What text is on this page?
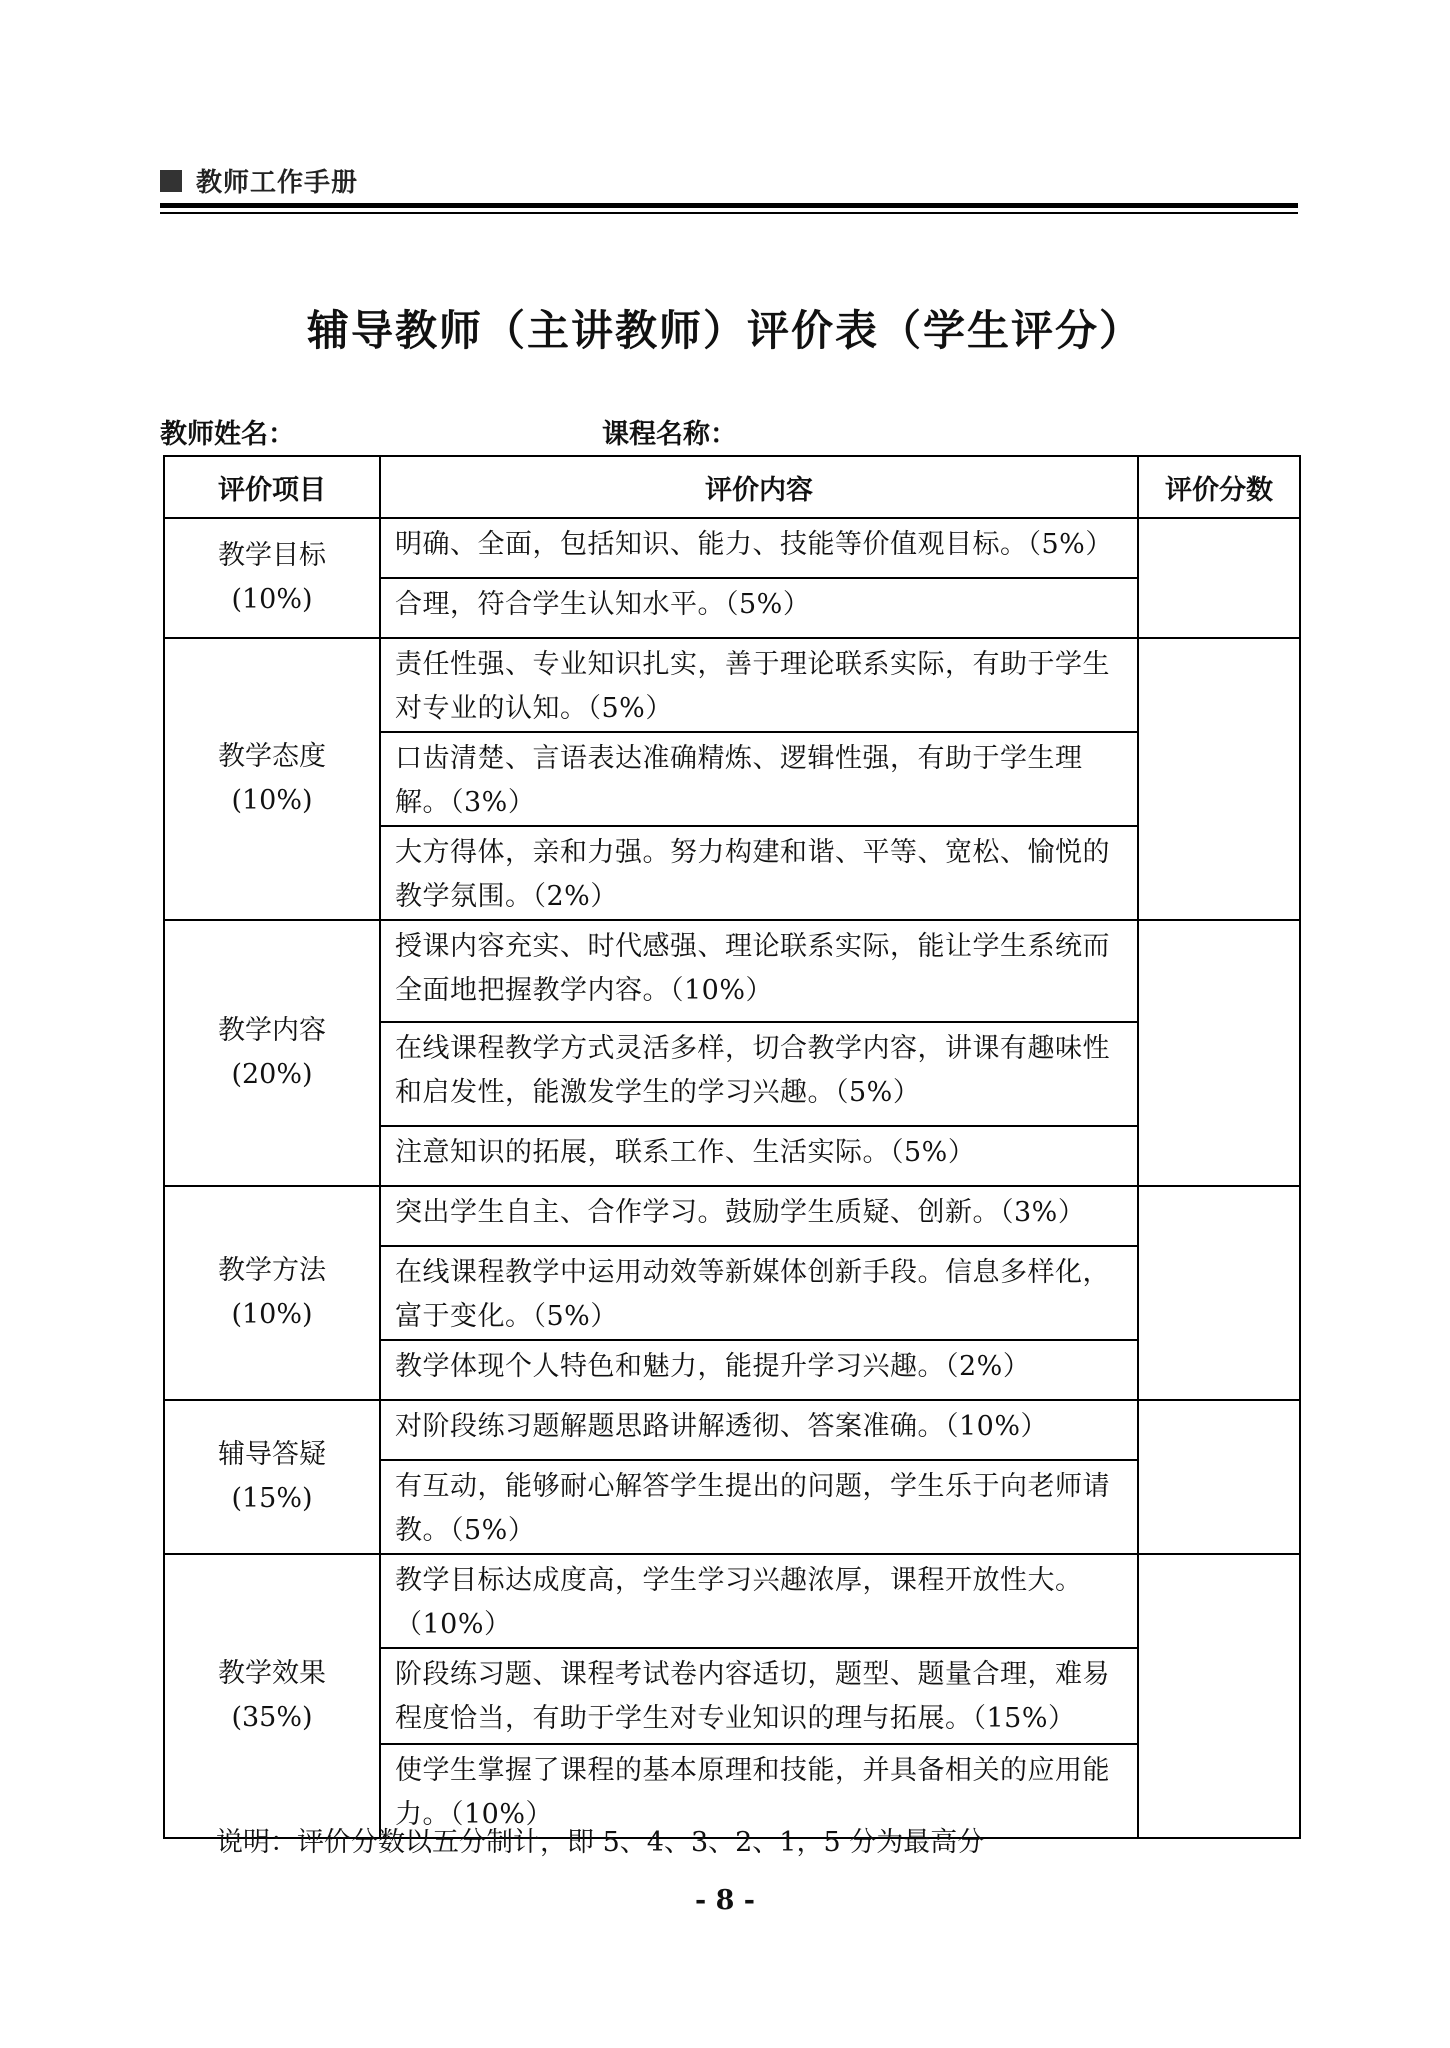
教师工作手册
辅导教师（主讲教师）评价表（学生评分）
教师姓名：	课程名称：
评价项目	评价内容	评价分数

教学目标
(10%)	明确、全面，包括知识、能力、技能等价值观目标。（5%）	
	合理，符合学生认知水平。（5%）	

教学态度
(10%)	责任性强、专业知识扎实，善于理论联系实际，有助于学生对专业的认知。（5%）	
	口齿清楚、言语表达准确精炼、逻辑性强，有助于学生理解。（3%）	
	大方得体，亲和力强。努力构建和谐、平等、宽松、愉悦的教学氛围。（2%）	

教学内容
(20%)	授课内容充实、时代感强、理论联系实际，能让学生系统而全面地把握教学内容。（10%）	
	在线课程教学方式灵活多样，切合教学内容，讲课有趣味性和启发性，能激发学生的学习兴趣。（5%）	
	注意知识的拓展，联系工作、生活实际。（5%）	

教学方法
(10%)	突出学生自主、合作学习。鼓励学生质疑、创新。（3%）	
	在线课程教学中运用动效等新媒体创新手段。信息多样化，富于变化。（5%）	
	教学体现个人特色和魅力，能提升学习兴趣。（2%）	

辅导答疑
(15%)	对阶段练习题解题思路讲解透彻、答案准确。（10%）	
	有互动，能够耐心解答学生提出的问题，学生乐于向老师请教。（5%）	

教学效果
(35%)	教学目标达成度高，学生学习兴趣浓厚，课程开放性大。（10%）	
	阶段练习题、课程考试卷内容适切，题型、题量合理，难易程度恰当，有助于学生对专业知识的理与拓展。（15%）	
	使学生掌握了课程的基本原理和技能，并具备相关的应用能力。（10%）	
说明：评价分数以五分制计，即 5、4、3、2、1，5 分为最高分
- 8 -
